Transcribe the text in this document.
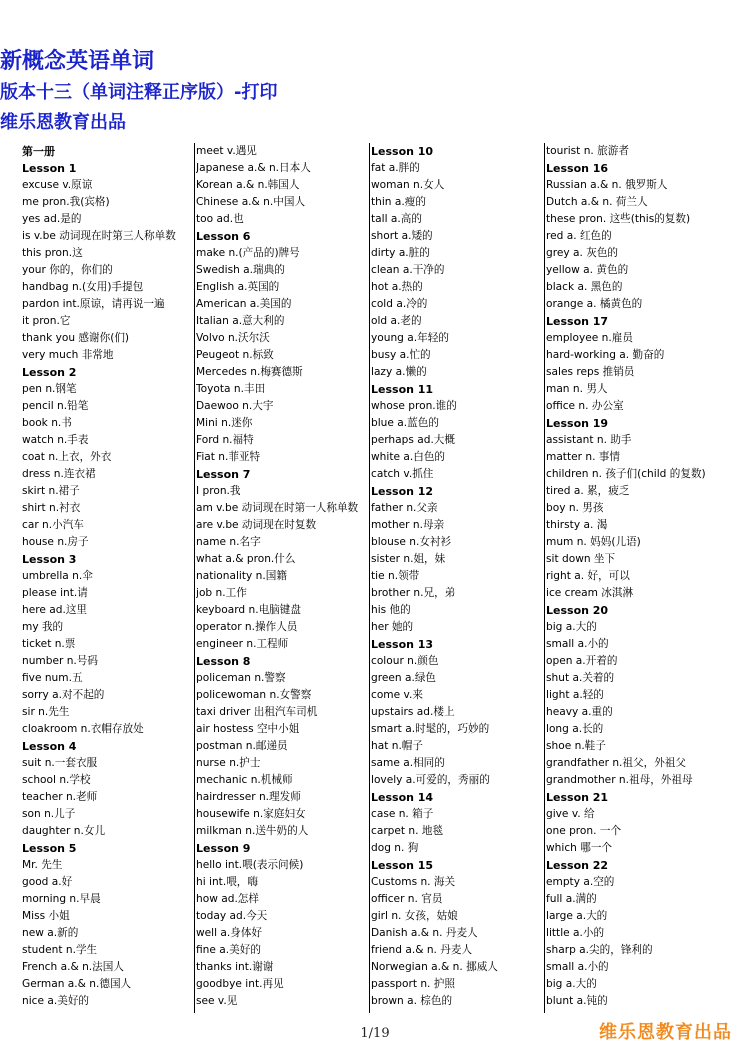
新概念英语单词
版本十三（单词注释正序版）-打印
维乐恩教育出品
第一册
Lesson 1
excuse v.原谅
me pron.我(宾格)
yes ad.是的
is v.be 动词现在时第三人称单数
this pron.这
your 你的，你们的
handbag n.(女用)手提包
pardon int.原谅，请再说一遍
it pron.它
thank you 感谢你(们)
very much 非常地
Lesson 2
pen n.钢笔
pencil n.铅笔
book n.书
watch n.手表
coat n.上衣，外衣
dress n.连衣裙
skirt n.裙子
shirt n.衬衣
car n.小汽车
house n.房子
Lesson 3
umbrella n.伞
please int.请
here ad.这里
my 我的
ticket n.票
number n.号码
five num.五
sorry a.对不起的
sir n.先生
cloakroom n.衣帽存放处
Lesson 4
suit n.一套衣服
school n.学校
teacher n.老师
son n.儿子
daughter n.女儿
Lesson 5
Mr. 先生
good a.好
morning n.早晨
Miss 小姐
new a.新的
student n.学生
French a.& n.法国人
German a.& n.德国人
nice a.美好的
meet v.遇见
Japanese a.& n.日本人
Korean a.& n.韩国人
Chinese a.& n.中国人
too ad.也
Lesson 6
make n.(产品的)牌号
Swedish a.瑞典的
English a.英国的
American a.美国的
Italian a.意大利的
Volvo n.沃尔沃
Peugeot n.标致
Mercedes n.梅赛德斯
Toyota n.丰田
Daewoo n.大宇
Mini n.迷你
Ford n.福特
Fiat n.菲亚特
Lesson 7
I pron.我
am v.be 动词现在时第一人称单数
are v.be 动词现在时复数
name n.名字
what a.& pron.什么
nationality n.国籍
job n.工作
keyboard n.电脑键盘
operator n.操作人员
engineer n.工程师
Lesson 8
policeman n.警察
policewoman n.女警察
taxi driver 出租汽车司机
air hostess 空中小姐
postman n.邮递员
nurse n.护士
mechanic n.机械师
hairdresser n.理发师
housewife n.家庭妇女
milkman n.送牛奶的人
Lesson 9
hello int.喂(表示问候)
hi int.喂，嗨
how ad.怎样
today ad.今天
well a.身体好
fine a.美好的
thanks int.谢谢
goodbye int.再见
see v.见
Lesson 10
fat a.胖的
woman n.女人
thin a.瘦的
tall a.高的
short a.矮的
dirty a.脏的
clean a.干净的
hot a.热的
cold a.冷的
old a.老的
young a.年轻的
busy a.忙的
lazy a.懒的
Lesson 11
whose pron.谁的
blue a.蓝色的
perhaps ad.大概
white a.白色的
catch v.抓住
Lesson 12
father n.父亲
mother n.母亲
blouse n.女衬衫
sister n.姐，妹
tie n.领带
brother n.兄，弟
his 他的
her 她的
Lesson 13
colour n.颜色
green a.绿色
come v.来
upstairs ad.楼上
smart a.时髦的，巧妙的
hat n.帽子
same a.相同的
lovely a.可爱的，秀丽的
Lesson 14
case n. 箱子
carpet n. 地毯
dog n. 狗
Lesson 15
Customs n. 海关
officer n. 官员
girl n. 女孩，姑娘
Danish a.& n. 丹麦人
friend a.& n. 丹麦人
Norwegian a.& n. 挪威人
passport n. 护照
brown a. 棕色的
tourist n. 旅游者
Lesson 16
Russian a.& n. 俄罗斯人
Dutch a.& n. 荷兰人
these pron. 这些(this的复数)
red a. 红色的
grey a. 灰色的
yellow a. 黄色的
black a. 黑色的
orange a. 橘黄色的
Lesson 17
employee n.雇员
hard-working a. 勤奋的
sales reps 推销员
man n. 男人
office n. 办公室
Lesson 19
assistant n. 助手
matter n. 事情
children n. 孩子们(child 的复数)
tired a. 累，疲乏
boy n. 男孩
thirsty a. 渴
mum n. 妈妈(儿语)
sit down 坐下
right a. 好，可以
ice cream 冰淇淋
Lesson 20
big a.大的
small a.小的
open a.开着的
shut a.关着的
light a.轻的
heavy a.重的
long a.长的
shoe n.鞋子
grandfather n.祖父，外祖父
grandmother n.祖母，外祖母
Lesson 21
give v. 给
one pron. 一个
which 哪一个
Lesson 22
empty a.空的
full a.满的
large a.大的
little a.小的
sharp a.尖的，锋利的
small a.小的
big a.大的
blunt a.钝的
1/19	维乐恩教育出品
